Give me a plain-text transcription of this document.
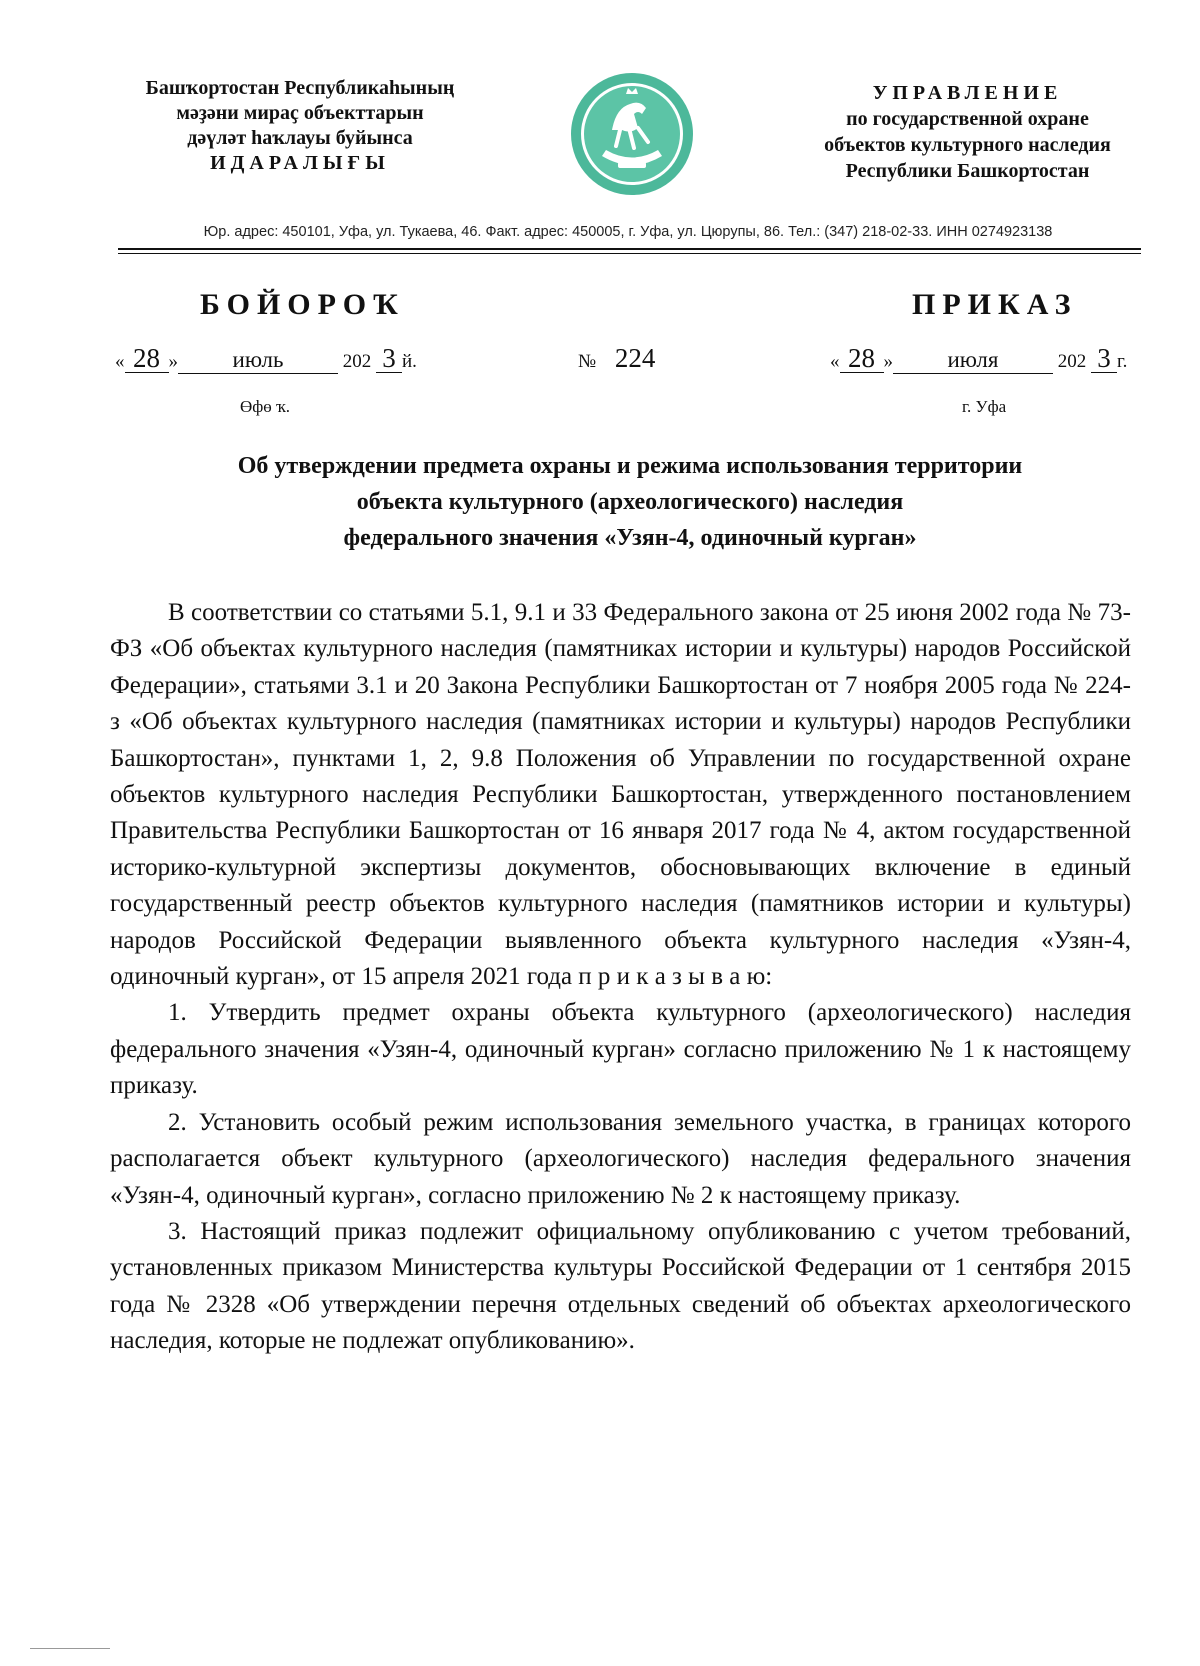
Башҡортостан Республикаһының
мәҙәни мираҫ объекттарын
дәүләт һаҡлауы буйынса
ИДАРАЛЫҒЫ
УПРАВЛЕНИЕ
по государственной охране
объектов культурного наследия
Республики Башкортостан
Юр. адрес: 450101, Уфа, ул. Тукаева, 46. Факт. адрес: 450005, г. Уфа, ул. Цюрупы, 86. Тел.: (347) 218-02-33. ИНН 0274923138
БОЙОРОҠ	ПРИКАЗ
« 28 » июль	202 3 й.	№ 224	« 28 » июля	202 3 г.
Өфө ҡ.	г. Уфа
Об утверждении предмета охраны и режима использования территории
объекта культурного (археологического) наследия
федерального значения «Узян-4, одиночный курган»

В соответствии со статьями 5.1, 9.1 и 33 Федерального закона от 25 июня 2002 года № 73-ФЗ «Об объектах культурного наследия (памятниках истории и культуры) народов Российской Федерации», статьями 3.1 и 20 Закона Республики Башкортостан от 7 ноября 2005 года № 224-з «Об объектах культурного наследия (памятниках истории и культуры) народов Республики Башкортостан», пунктами 1, 2, 9.8 Положения об Управлении по государственной охране объектов культурного наследия Республики Башкортостан, утвержденного постановлением Правительства Республики Башкортостан от 16 января 2017 года № 4, актом государственной историко-культурной экспертизы документов, обосновывающих включение в единый государственный реестр объектов культурного наследия (памятников истории и культуры) народов Российской Федерации выявленного объекта культурного наследия «Узян-4, одиночный курган», от 15 апреля 2021 года п р и к а з ы в а ю:

1. Утвердить предмет охраны объекта культурного (археологического) наследия федерального значения «Узян-4, одиночный курган» согласно приложению № 1 к настоящему приказу.

2. Установить особый режим использования земельного участка, в границах которого располагается объект культурного (археологического) наследия федерального значения «Узян-4, одиночный курган», согласно приложению № 2 к настоящему приказу.

3. Настоящий приказ подлежит официальному опубликованию с учетом требований, установленных приказом Министерства культуры Российской Федерации от 1 сентября 2015 года № 2328 «Об утверждении перечня отдельных сведений об объектах археологического наследия, которые не подлежат опубликованию».
